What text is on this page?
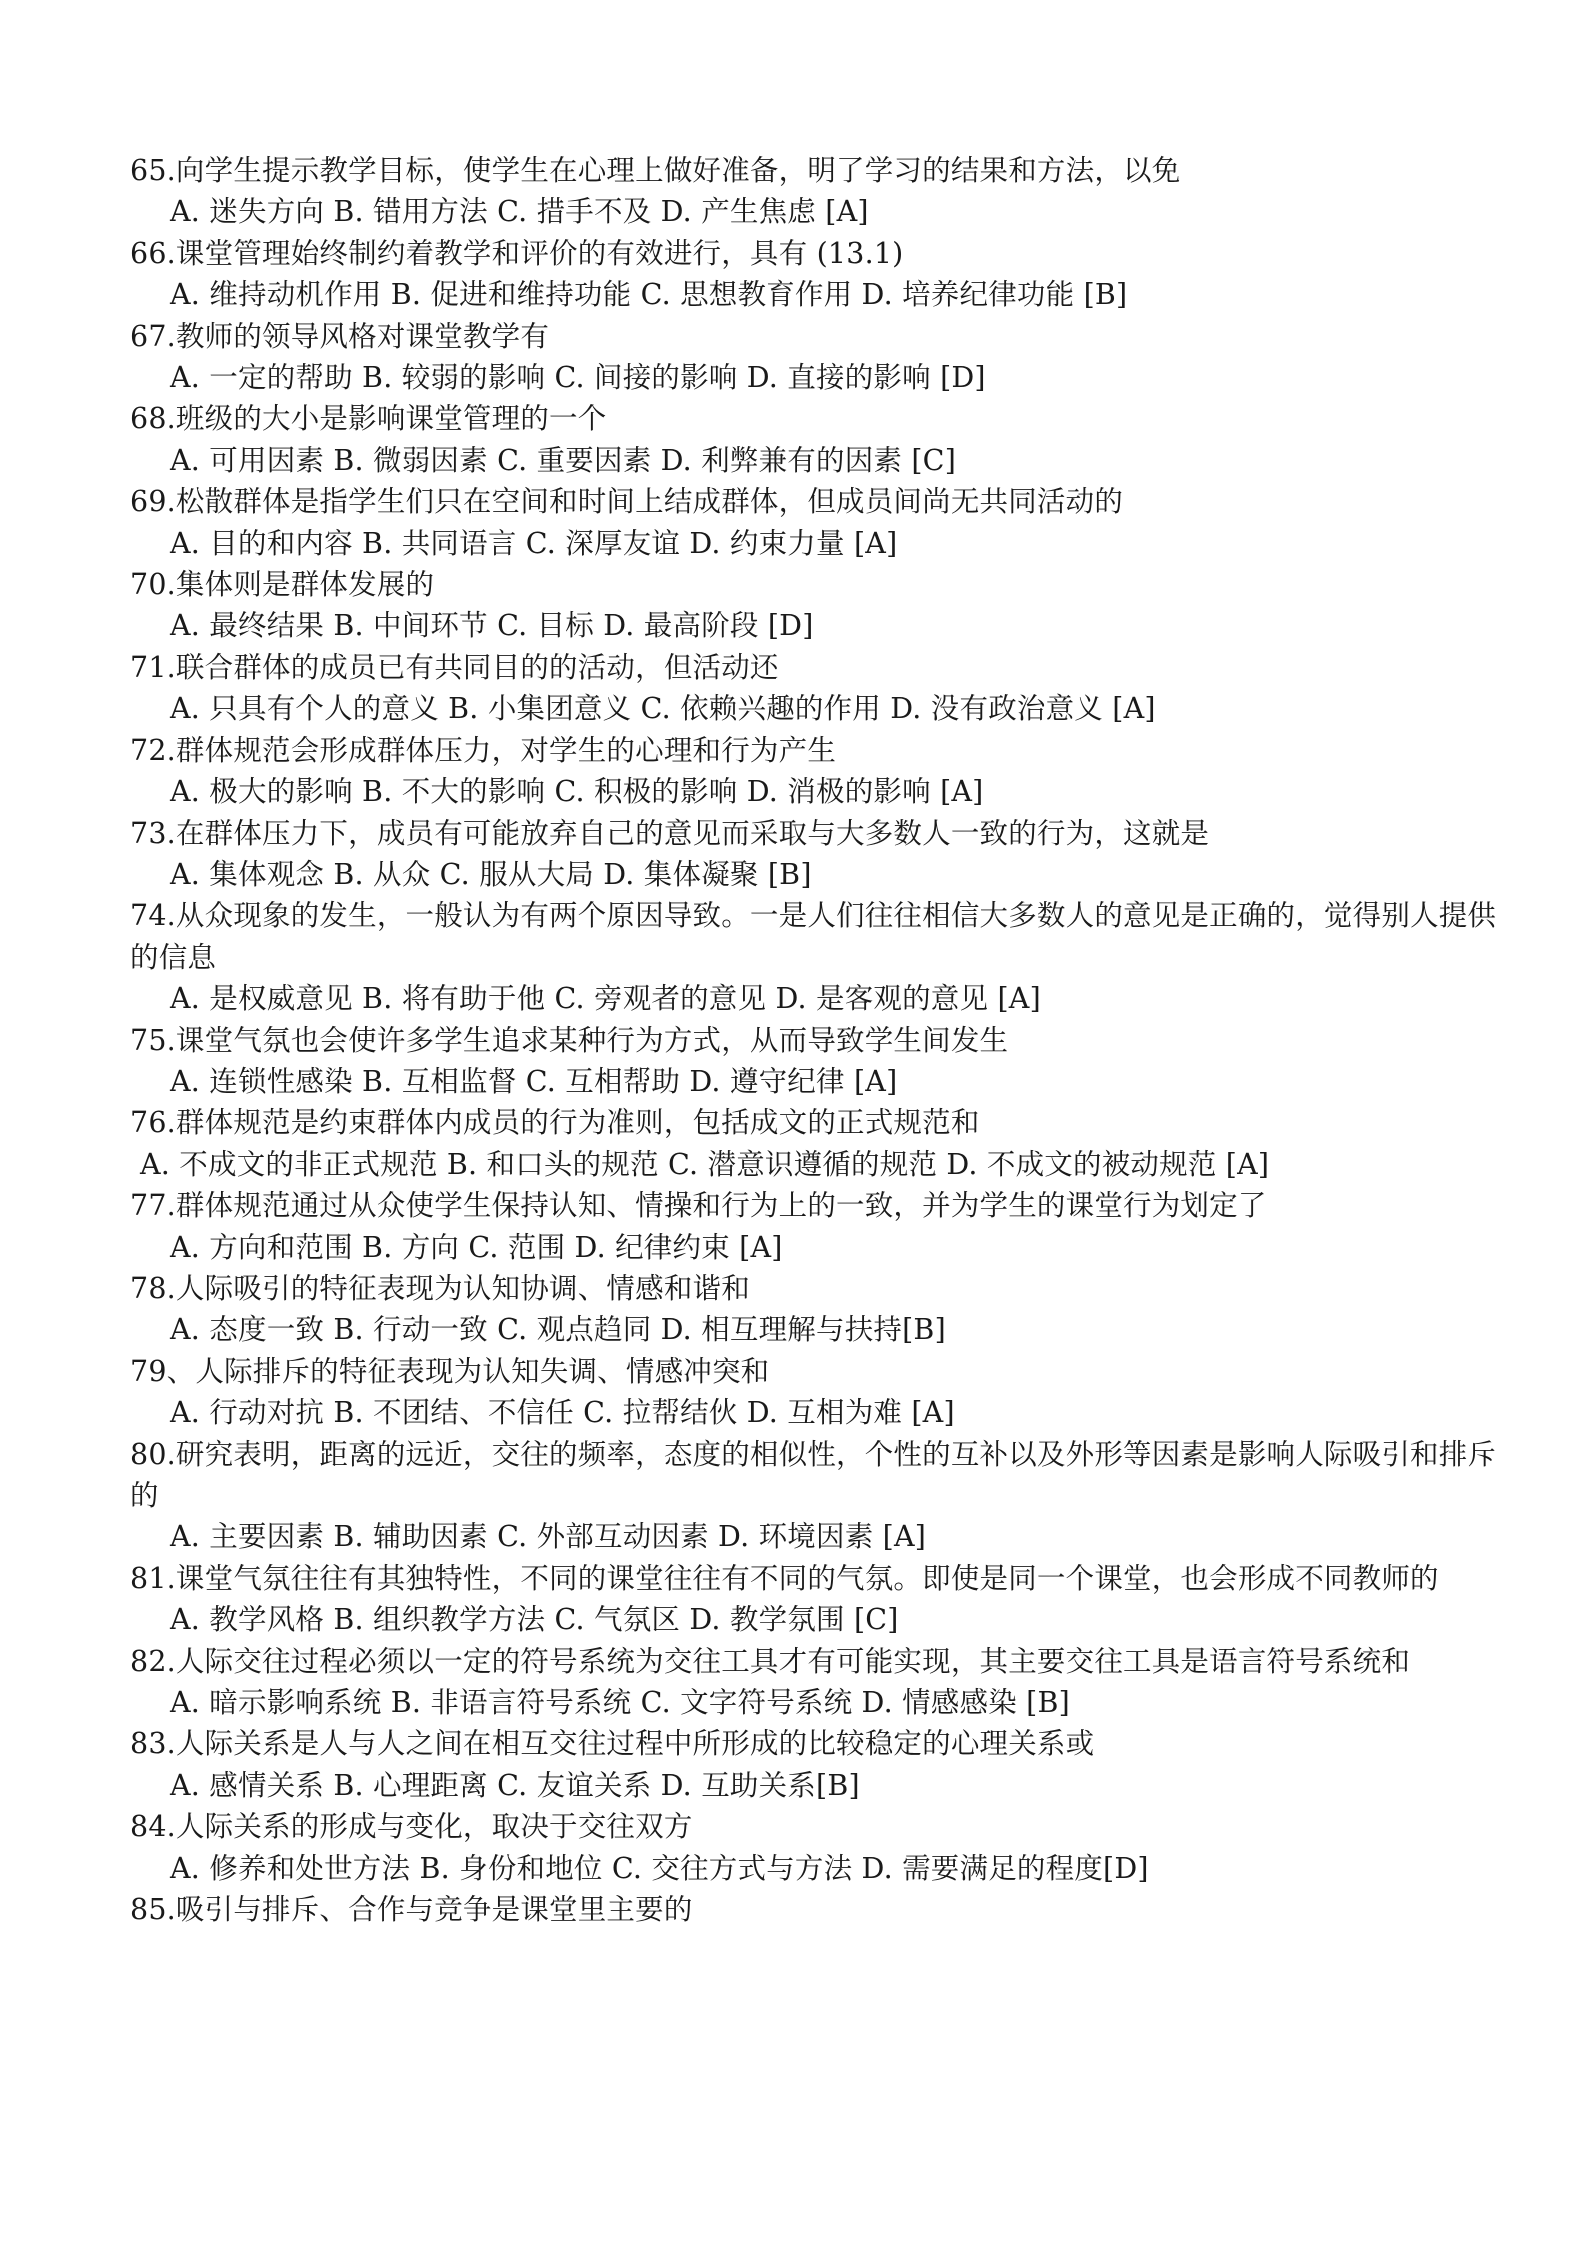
65.向学生提示教学目标，使学生在心理上做好准备，明了学习的结果和方法，以免
A. 迷失方向 B. 错用方法 C. 措手不及 D. 产生焦虑 [A]
66.课堂管理始终制约着教学和评价的有效进行，具有 (13.1)
A. 维持动机作用 B. 促进和维持功能 C. 思想教育作用 D. 培养纪律功能 [B]
67.教师的领导风格对课堂教学有
A. 一定的帮助 B. 较弱的影响 C. 间接的影响 D. 直接的影响 [D]
68.班级的大小是影响课堂管理的一个
A. 可用因素 B. 微弱因素 C. 重要因素 D. 利弊兼有的因素 [C]
69.松散群体是指学生们只在空间和时间上结成群体，但成员间尚无共同活动的
A. 目的和内容 B. 共同语言 C. 深厚友谊 D. 约束力量 [A]
70.集体则是群体发展的
A. 最终结果 B. 中间环节 C. 目标 D. 最高阶段 [D]
71.联合群体的成员已有共同目的的活动，但活动还
A. 只具有个人的意义 B. 小集团意义 C. 依赖兴趣的作用 D. 没有政治意义 [A]
72.群体规范会形成群体压力，对学生的心理和行为产生
A. 极大的影响 B. 不大的影响 C. 积极的影响 D. 消极的影响 [A]
73.在群体压力下，成员有可能放弃自己的意见而采取与大多数人一致的行为，这就是
A. 集体观念 B. 从众 C. 服从大局 D. 集体凝聚 [B]
74.从众现象的发生，一般认为有两个原因导致。一是人们往往相信大多数人的意见是正确的，觉得别人提供的信息
A. 是权威意见 B. 将有助于他 C. 旁观者的意见 D. 是客观的意见 [A]
75.课堂气氛也会使许多学生追求某种行为方式，从而导致学生间发生
A. 连锁性感染 B. 互相监督 C. 互相帮助 D. 遵守纪律 [A]
76.群体规范是约束群体内成员的行为准则，包括成文的正式规范和
A. 不成文的非正式规范 B. 和口头的规范 C. 潜意识遵循的规范 D. 不成文的被动规范 [A]
77.群体规范通过从众使学生保持认知、情操和行为上的一致，并为学生的课堂行为划定了
A. 方向和范围 B. 方向 C. 范围 D. 纪律约束 [A]
78.人际吸引的特征表现为认知协调、情感和谐和
A. 态度一致 B. 行动一致 C. 观点趋同 D. 相互理解与扶持[B]
79、人际排斥的特征表现为认知失调、情感冲突和
A. 行动对抗 B. 不团结、不信任 C. 拉帮结伙 D. 互相为难 [A]
80.研究表明，距离的远近，交往的频率，态度的相似性，个性的互补以及外形等因素是影响人际吸引和排斥的
A. 主要因素 B. 辅助因素 C. 外部互动因素 D. 环境因素 [A]
81.课堂气氛往往有其独特性，不同的课堂往往有不同的气氛。即使是同一个课堂，也会形成不同教师的
A. 教学风格 B. 组织教学方法 C. 气氛区 D. 教学氛围 [C]
82.人际交往过程必须以一定的符号系统为交往工具才有可能实现，其主要交往工具是语言符号系统和
A. 暗示影响系统 B. 非语言符号系统 C. 文字符号系统 D. 情感感染 [B]
83.人际关系是人与人之间在相互交往过程中所形成的比较稳定的心理关系或
A. 感情关系 B. 心理距离 C. 友谊关系 D. 互助关系[B]
84.人际关系的形成与变化，取决于交往双方
A. 修养和处世方法 B. 身份和地位 C. 交往方式与方法 D. 需要满足的程度[D]
85.吸引与排斥、合作与竞争是课堂里主要的
